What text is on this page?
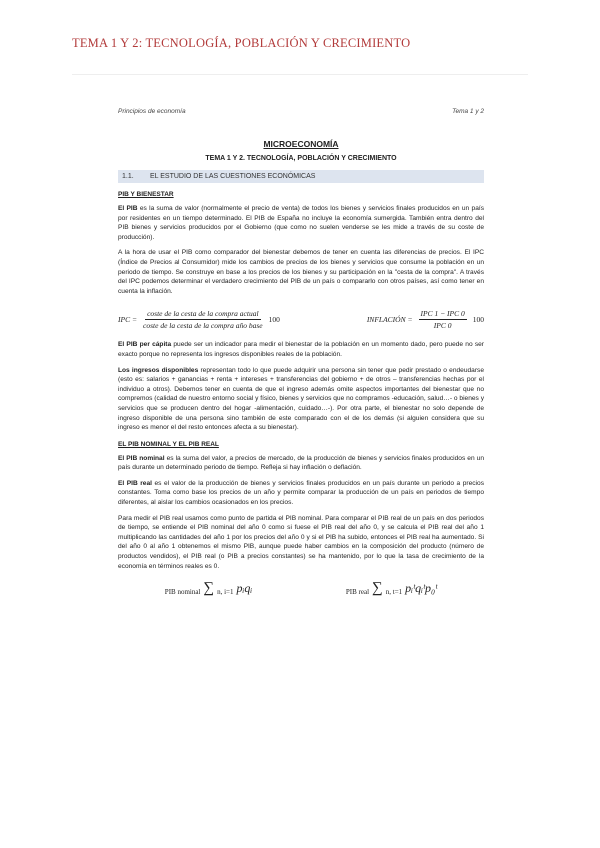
TEMA 1 Y 2: TECNOLOGÍA, POBLACIÓN Y CRECIMIENTO
Principios de economía	Tema 1 y 2
MICROECONOMÍA
TEMA 1 Y 2. TECNOLOGÍA, POBLACIÓN Y CRECIMIENTO
1.1.	EL ESTUDIO DE LAS CUESTIONES ECONÓMICAS
PIB Y BIENESTAR

El PIB es la suma de valor (normalmente el precio de venta) de todos los bienes y servicios finales producidos en un país por residentes en un tiempo determinado. El PIB de España no incluye la economía sumergida. También entra dentro del PIB bienes y servicios producidos por el Gobierno (que como no suelen venderse se les mide a través de su coste de producción).

A la hora de usar el PIB como comparador del bienestar debemos de tener en cuenta las diferencias de precios. El IPC (Índice de Precios al Consumidor) mide los cambios de precios de los bienes y servicios que consume la población en un periodo de tiempo. Se construye en base a los precios de los bienes y su participación en la "cesta de la compra". A través del IPC podemos determinar el verdadero crecimiento del PIB de un país o compararlo con otros países, así como tener en cuenta la inflación.

IPC = $\frac{\text{coste de la cesta de la compra actual}}{\text{coste de la cesta de la compra año base}} 100$	INFLACIÓN = $\frac{\text{IPC 1 − IPC 0}}{\text{IPC 0}} 100$

El PIB per cápita puede ser un indicador para medir el bienestar de la población en un momento dado, pero puede no ser exacto porque no representa los ingresos disponibles reales de la población.

Los ingresos disponibles representan todo lo que puede adquirir una persona sin tener que pedir prestado o endeudarse (esto es: salarios + ganancias + renta + intereses + transferencias del gobierno + de otros – transferencias hechas por el individuo a otros). Debemos tener en cuenta de que el ingreso además omite aspectos importantes del bienestar que no compremos (calidad de nuestro entorno social y físico, bienes y servicios que no compramos -educación, salud…- o bienes y servicios que se producen dentro del hogar -alimentación, cuidado…-). Por otra parte, el bienestar no solo depende de ingreso disponible de una persona sino también de este comparado con el de los demás (si alguien considera que su ingreso es menor el del resto entonces afecta a su bienestar).

EL PIB NOMINAL Y EL PIB REAL

El PIB nominal es la suma del valor, a precios de mercado, de la producción de bienes y servicios finales producidos en un país durante un determinado periodo de tiempo. Refleja si hay inflación o deflación.

El PIB real es el valor de la producción de bienes y servicios finales producidos en un país durante un periodo a precios constantes. Toma como base los precios de un año y permite comparar la producción de un país en periodos de tiempo diferentes, al aislar los cambios ocasionados en los precios.

Para medir el PIB real usamos como punto de partida el PIB nominal. Para comparar el PIB real de un país en dos periodos de tiempo, se entiende el PIB nominal del año 0 como si fuese el PIB real del año 0, y se calcula el PIB real del año 1 multiplicando las cantidades del año 1 por los precios del año 0 y si el PIB ha subido, entonces el PIB real ha aumentado. Si del año 0 al año 1 obtenemos el mismo PIB, aunque puede haber cambios en la composición del producto (número de productos vendidos), el PIB real (o PIB a precios constantes) se ha mantenido, por lo que la tasa de crecimiento de la economía en términos reales es 0.

PIB nominal ∑ n, i=1 pᵢqᵢ	PIB real ∑ n, t=1 pᵢᵗqᵢᵗp₀ᵗ
